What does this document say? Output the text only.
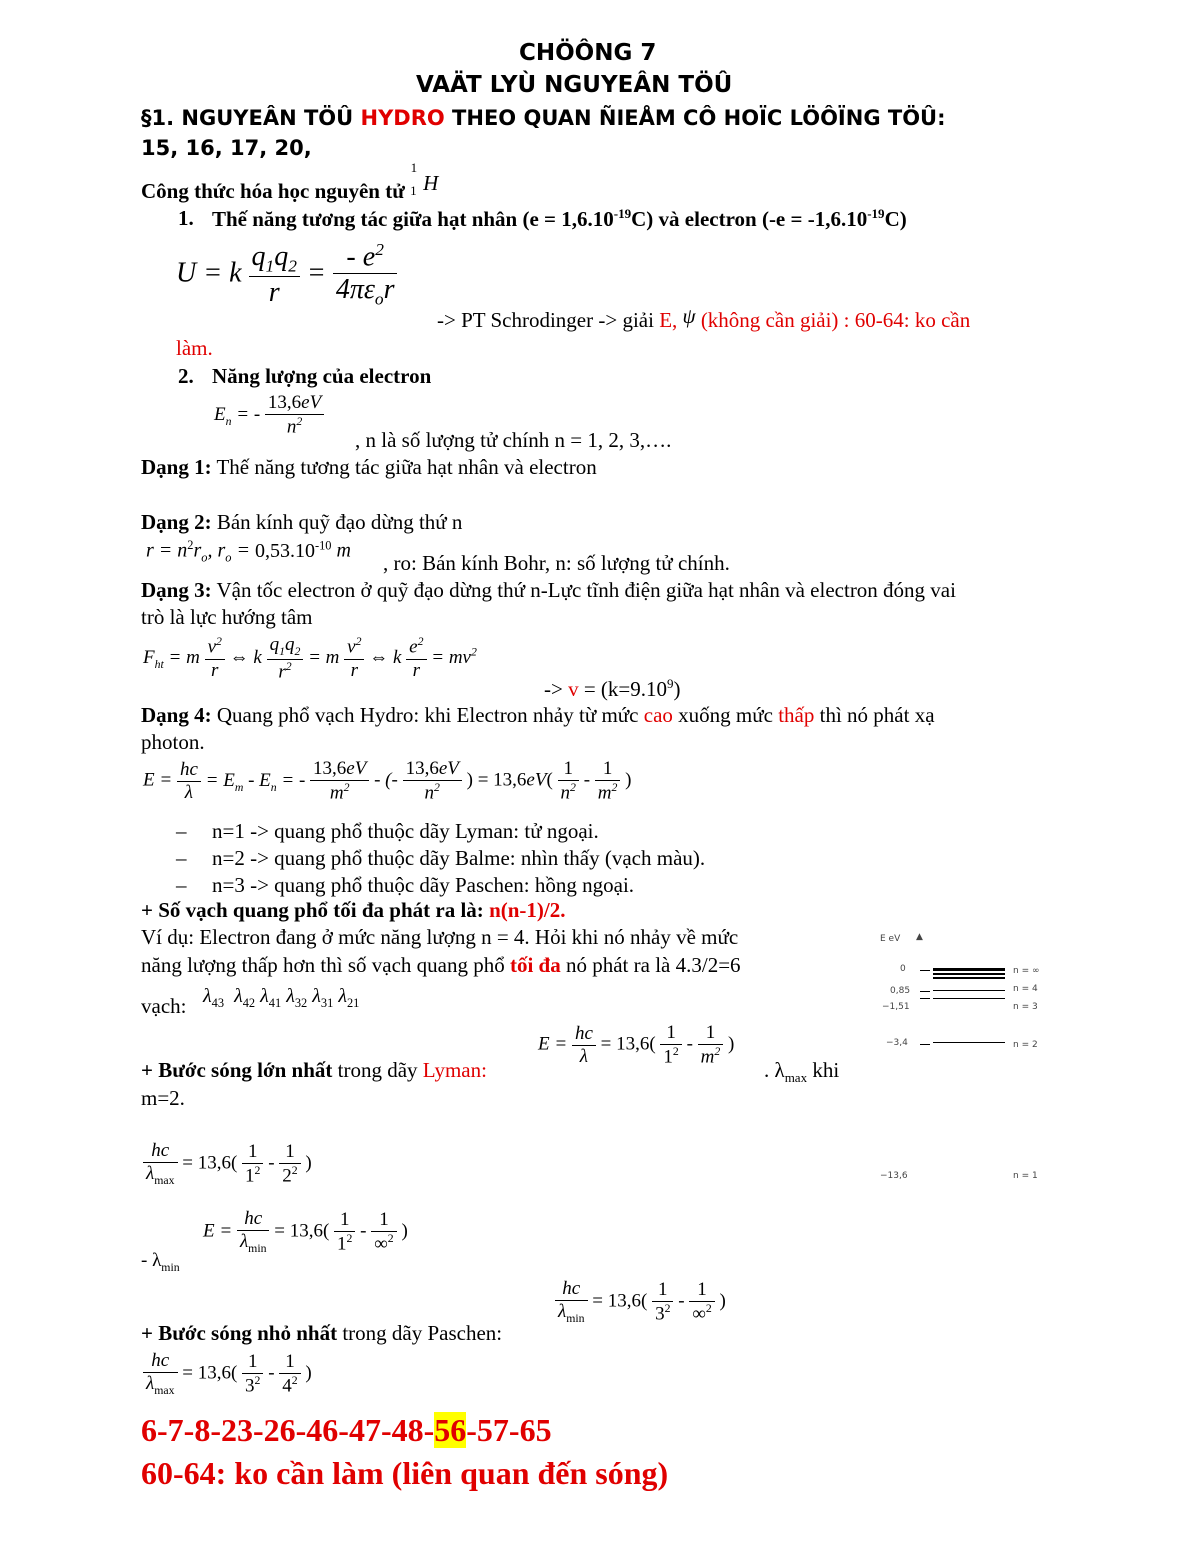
CHÖÔNG 7
VAÄT LYÙ NGUYEÂN TÖÛ
§1. NGUYEÂN TÖÛ HYDRO THEO QUAN ÑIEÅM CÔ HOÏC LÖÔÏNG TÖÛ:
15, 16, 17, 20,
Công thức hóa học nguyên tử $_1^1$H
1. Thế năng tương tác giữa hạt nhân $(e = 1,6.10^{-19}C)$ và electron $(-e = -1,6.10^{-19}C)$
U = k $\frac{q_1q_2}{r} = \frac{- e^2}{4\pi\varepsilon_or}$
-> PT Schrodinger -> giải E, ψ (không cần giải) : 60-64: ko cần
làm.
2. Năng lượng của electron
$E_n$ = - $\frac{13,6eV}{n^2}$
, n là số lượng tử chính n = 1, 2, 3,….
Dạng 1: Thế năng tương tác giữa hạt nhân và electron
Dạng 2: Bán kính quỹ đạo dừng thứ n
$r = n^2r_o$, $r_o = 0,53.10^{-10}$ m
, ro: Bán kính Bohr, n: số lượng tử chính.
Dạng 3: Vận tốc electron ở quỹ đạo dừng thứ n-Lực tĩnh điện giữa hạt nhân và electron đóng vai
trò là lực hướng tâm
$F_{ht} = m \frac{v^2}{r}$ ⇔ k $\frac{q_1q_2}{r^2} = m \frac{v^2}{r}$ ⇔ k $\frac{e^2}{r} = mv^2$
-> $v = (k=9.10^9)$
Dạng 4: Quang phổ vạch Hydro: khi Electron nhảy từ mức cao xuống mức thấp thì nó phát xạ
photon.
$E = \frac{hc}{\lambda} = E_m - E_n$ = - $\frac{13,6eV}{m^2}$ - (- $\frac{13,6eV}{n^2}$ ) = $13,6eV( \frac{1}{n^2} - \frac{1}{m^2}$ )
– n=1 -> quang phổ thuộc dãy Lyman: tử ngoại.
– n=2 -> quang phổ thuộc dãy Balme: nhìn thấy (vạch màu).
– n=3 -> quang phổ thuộc dãy Paschen: hồng ngoại.
+ Số vạch quang phổ tối đa phát ra là: n(n-1)/2.
Ví dụ: Electron đang ở mức năng lượng n = 4. Hỏi khi nó nhảy về mức
năng lượng thấp hơn thì số vạch quang phổ tối đa nó phát ra là 4.3/2=6
vạch: $\lambda_{43}$  $\lambda_{42}$ $\lambda_{41}$ $\lambda_{32}$ $\lambda_{31}$ $\lambda_{21}$
$E = \frac{hc}{\lambda} = 13,6( \frac{1}{1^2} - \frac{1}{m^2}$ )
+ Bước sóng lớn nhất trong dãy Lyman:	. $\lambda_{max}$ khi
m=2.
$\frac{hc}{\lambda_{max}} = 13,6( \frac{1}{1^2} - \frac{1}{2^2}$ )
$E = \frac{hc}{\lambda_{min}} = 13,6( \frac{1}{1^2} - \frac{1}{\infty^2}$ )
- $\lambda_{min}$
$\frac{hc}{\lambda_{min}} = 13,6( \frac{1}{3^2} - \frac{1}{\infty^2}$ )
+ Bước sóng nhỏ nhất trong dãy Paschen:
$\frac{hc}{\lambda_{max}} = 13,6( \frac{1}{3^2} - \frac{1}{4^2}$ )
6-7-8-23-26-46-47-48-56-57-65
60-64: ko cần làm (liên quan đến sóng)
E eV ▲
0	n = ∞
0,85	n = 4
−1,51	n = 3
−3,4	n = 2
−13,6	n = 1
